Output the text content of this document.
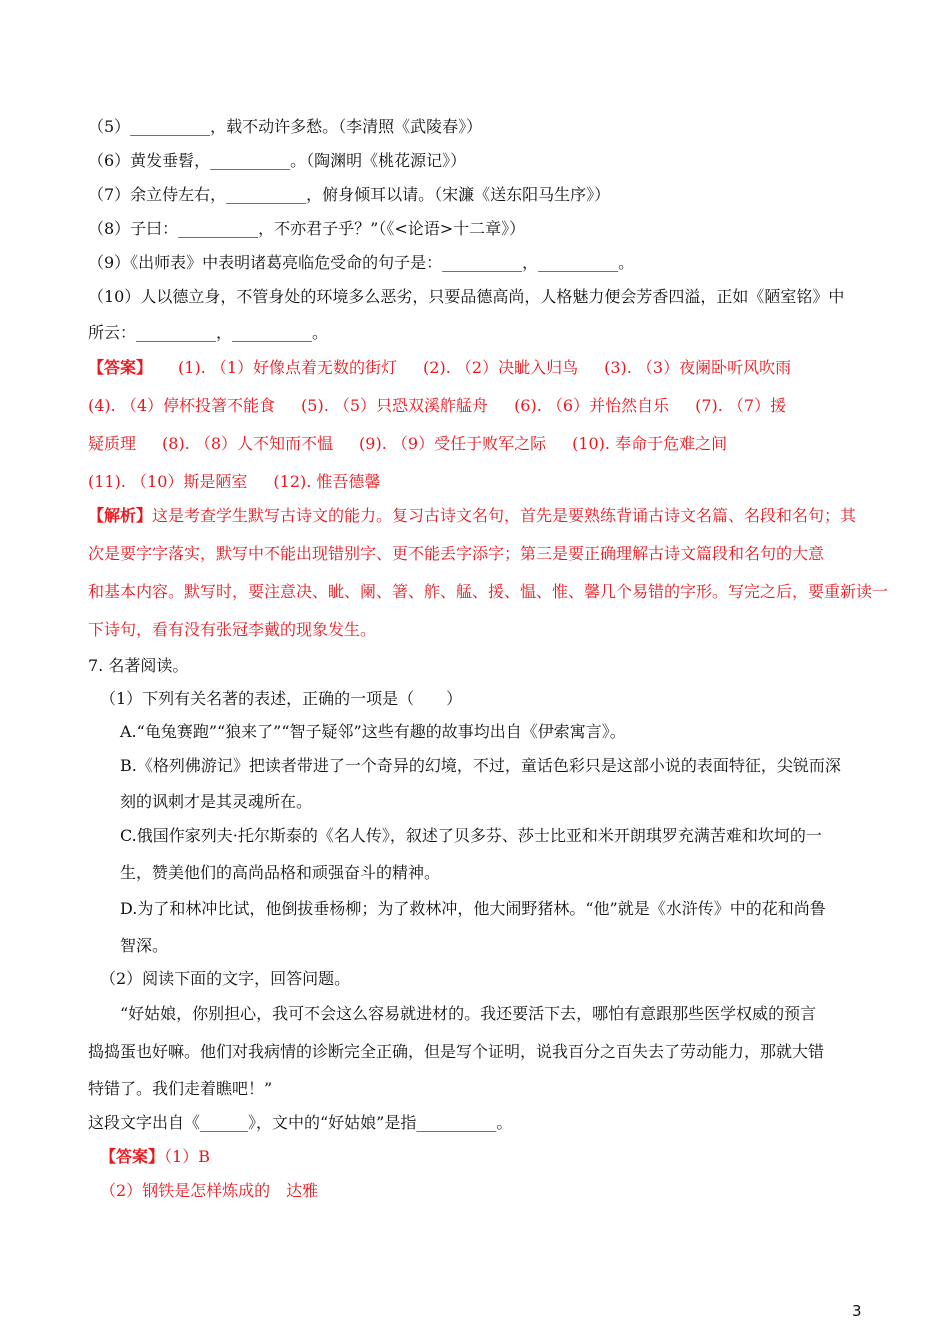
（5）__________，载不动许多愁。（李清照《武陵春》）
（6）黄发垂髫，__________。（陶渊明《桃花源记》）
（7）余立侍左右，__________，俯身倾耳以请。（宋濂《送东阳马生序》）
（8）子曰：__________，不亦君子乎？”（《<论语>十二章》）
（9）《出师表》中表明诸葛亮临危受命的句子是：__________，__________。
（10）人以德立身，不管身处的环境多么恶劣，只要品德高尚，人格魅力便会芳香四溢，正如《陋室铭》中
所云：__________，__________。
【答案】 (1). （1）好像点着无数的街灯 (2). （2）决眦入归鸟 (3). （3）夜阑卧听风吹雨
(4). （4）停杯投箸不能食 (5). （5）只恐双溪舴艋舟 (6). （6）并怡然自乐 (7). （7）援
疑质理 (8). （8）人不知而不愠 (9). （9）受任于败军之际 (10). 奉命于危难之间
(11). （10）斯是陋室 (12). 惟吾德馨
【解析】这是考查学生默写古诗文的能力。复习古诗文名句，首先是要熟练背诵古诗文名篇、名段和名句；其
次是要字字落实，默写中不能出现错别字、更不能丢字添字；第三是要正确理解古诗文篇段和名句的大意
和基本内容。默写时，要注意决、眦、阑、箸、舴、艋、援、愠、惟、馨几个易错的字形。写完之后，要重新读一
下诗句，看有没有张冠李戴的现象发生。
7. 名著阅读。
（1）下列有关名著的表述，正确的一项是（　　）
A.“龟兔赛跑”“狼来了”“智子疑邻”这些有趣的故事均出自《伊索寓言》。
B.《格列佛游记》把读者带进了一个奇异的幻境，不过，童话色彩只是这部小说的表面特征，尖锐而深
刻的讽刺才是其灵魂所在。
C.俄国作家列夫·托尔斯泰的《名人传》，叙述了贝多芬、莎士比亚和米开朗琪罗充满苦难和坎坷的一
生，赞美他们的高尚品格和顽强奋斗的精神。
D.为了和林冲比试，他倒拔垂杨柳；为了救林冲，他大闹野猪林。“他”就是《水浒传》中的花和尚鲁
智深。
（2）阅读下面的文字，回答问题。
“好姑娘，你别担心，我可不会这么容易就进材的。我还要活下去，哪怕有意跟那些医学权威的预言
捣捣蛋也好嘛。他们对我病情的诊断完全正确，但是写个证明，说我百分之百失去了劳动能力，那就大错
特错了。我们走着瞧吧！”
这段文字出自《______》，文中的“好姑娘”是指__________。
【答案】（1）B
（2）钢铁是怎样炼成的　达雅
3
